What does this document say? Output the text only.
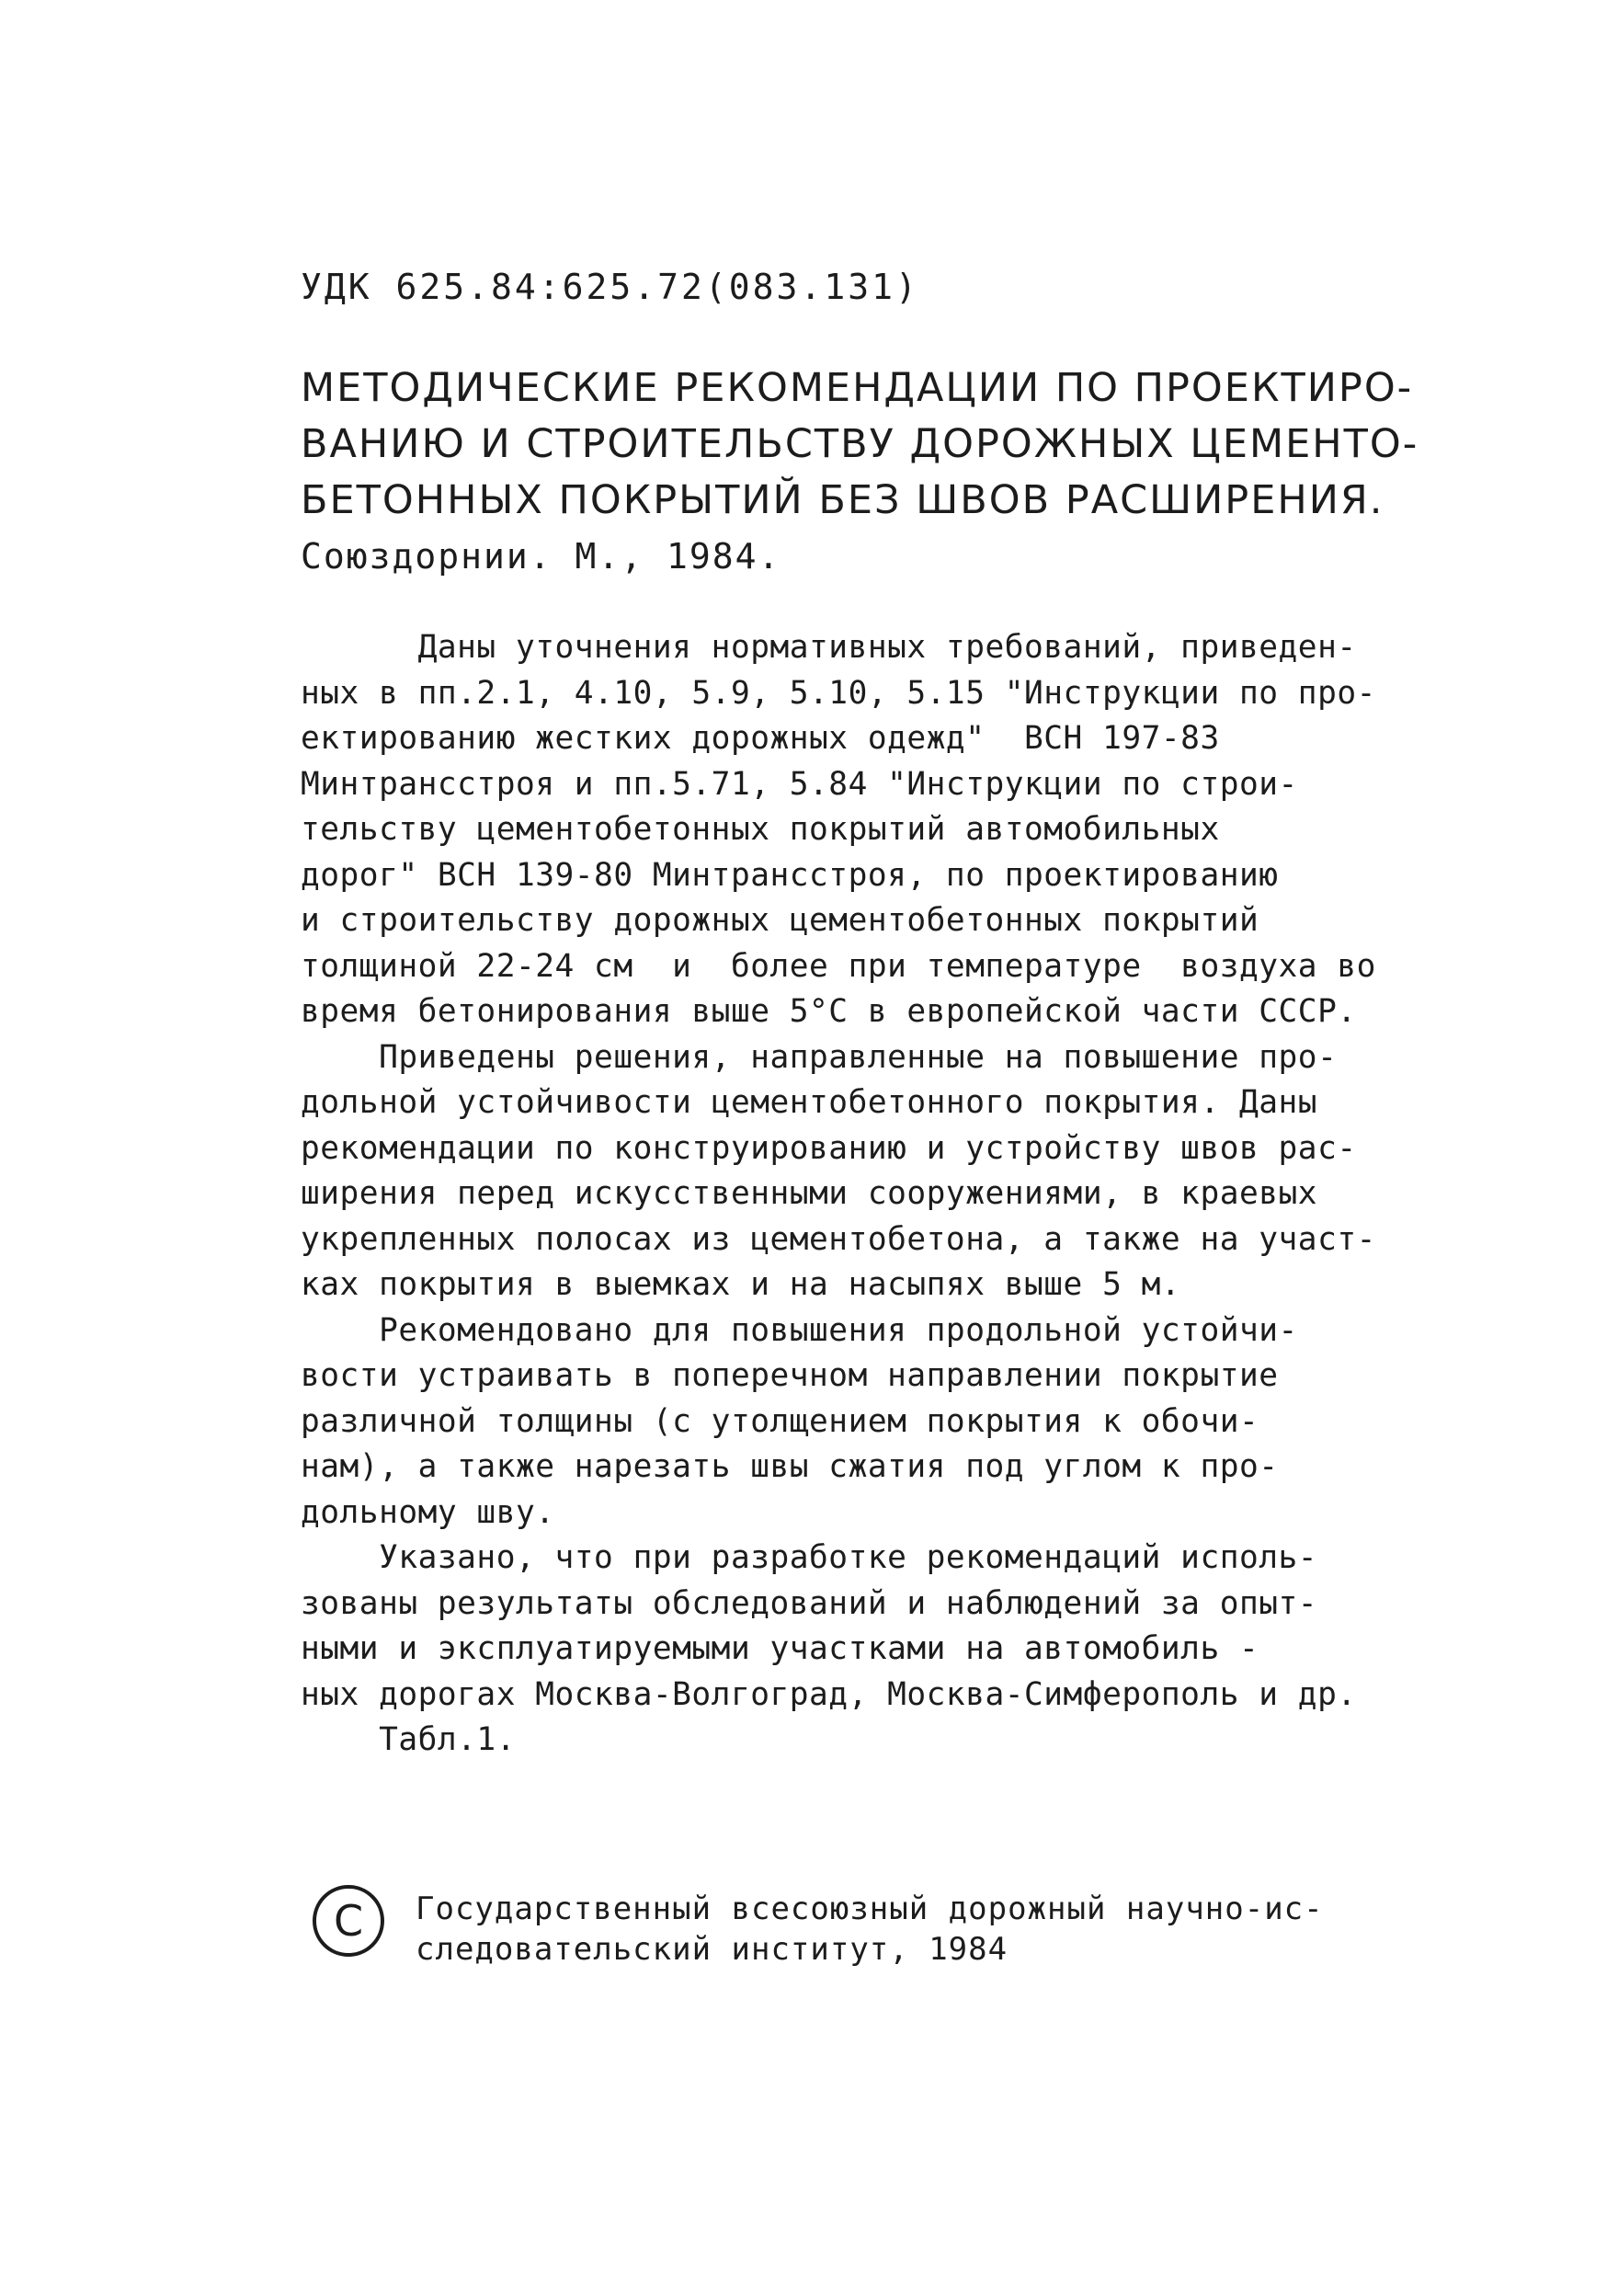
УДК 625.84:625.72(083.131)
МЕТОДИЧЕСКИЕ РЕКОМЕНДАЦИИ ПО ПРОЕКТИРО-
ВАНИЮ И СТРОИТЕЛЬСТВУ ДОРОЖНЫХ ЦЕМЕНТО-
БЕТОННЫХ ПОКРЫТИЙ БЕЗ ШВОВ РАСШИРЕНИЯ.
Союздорнии. М., 1984.
Даны уточнения нормативных требований, приведен-
ных в пп.2.1, 4.10, 5.9, 5.10, 5.15 "Инструкции по про-
ектированию жестких дорожных одежд"  ВСН 197-83
Минтрансстроя и пп.5.71, 5.84 "Инструкции по строи-
тельству цементобетонных покрытий автомобильных
дорог" ВСН 139-80 Минтрансстроя, по проектированию
и строительству дорожных цементобетонных покрытий
толщиной 22-24 см  и  более при температуре  воздуха во
время бетонирования выше 5°С в европейской части СССР.
Приведены решения, направленные на повышение про-
дольной устойчивости цементобетонного покрытия. Даны
рекомендации по конструированию и устройству швов рас-
ширения перед искусственными сооружениями, в краевых
укрепленных полосах из цементобетона, а также на участ-
ках покрытия в выемках и на насыпях выше 5 м.
Рекомендовано для повышения продольной устойчи-
вости устраивать в поперечном направлении покрытие
различной толщины (с утолщением покрытия к обочи-
нам), а также нарезать швы сжатия под углом к про-
дольному шву.
Указано, что при разработке рекомендаций исполь-
зованы результаты обследований и наблюдений за опыт-
ными и эксплуатируемыми участками на автомобиль -
ных дорогах Москва-Волгоград, Москва-Симферополь и др.
Табл.1.
C	Государственный всесоюзный дорожный научно-ис-
следовательский институт, 1984
